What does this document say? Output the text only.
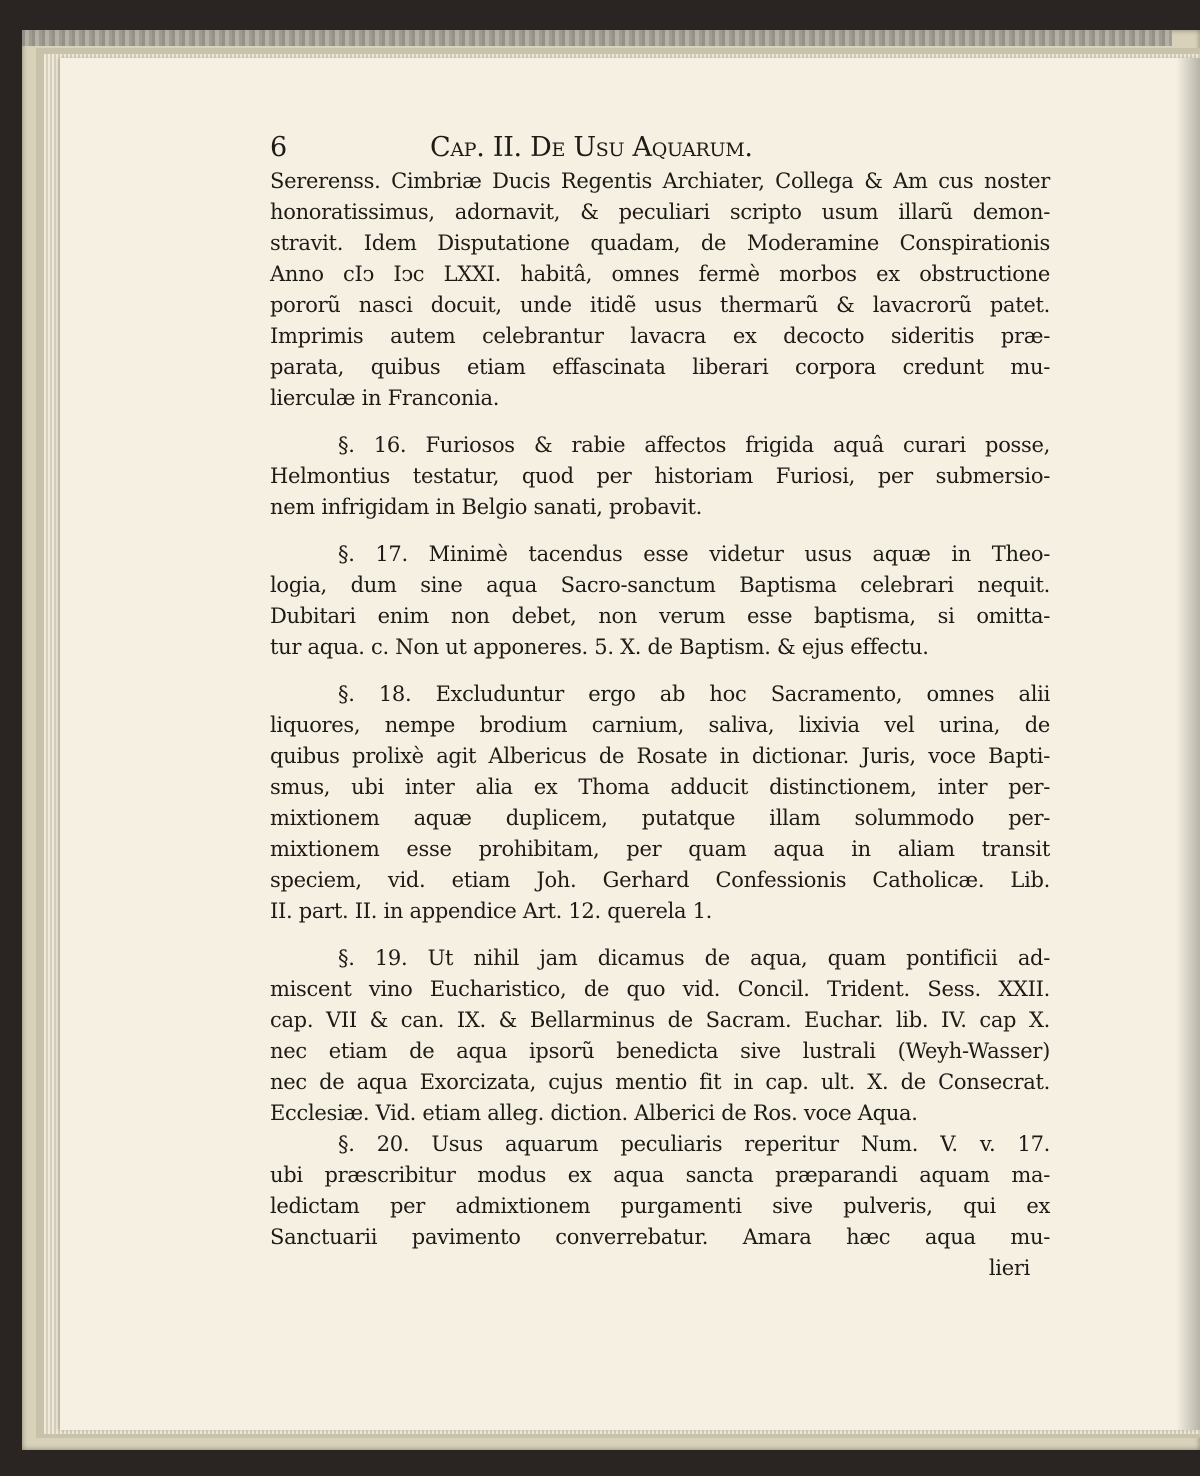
6	Cap. II. De Usu Aquarum.
Sererenss. Cimbriæ Ducis Regentis Archiater, Collega & Am cus noster
honoratissimus, adornavit, & peculiari scripto usum illarũ demon-
stravit. Idem Disputatione quadam, de Moderamine Conspirationis
Anno cIↄ Iↄc LXXI. habitâ, omnes fermè morbos ex obstructione
pororũ nasci docuit, unde itidẽ usus thermarũ & lavacrorũ patet.
Imprimis autem celebrantur lavacra ex decocto sideritis præ-
parata, quibus etiam effascinata liberari corpora credunt mu-
lierculæ in Franconia.
§. 16. Furiosos & rabie affectos frigida aquâ curari posse,
Helmontius testatur, quod per historiam Furiosi, per submersio-
nem infrigidam in Belgio sanati, probavit.
§. 17. Minimè tacendus esse videtur usus aquæ in Theo-
logia, dum sine aqua Sacro-sanctum Baptisma celebrari nequit.
Dubitari enim non debet, non verum esse baptisma, si omitta-
tur aqua. c. Non ut apponeres. 5. X. de Baptism. & ejus effectu.
§. 18. Excluduntur ergo ab hoc Sacramento, omnes alii
liquores, nempe brodium carnium, saliva, lixivia vel urina, de
quibus prolixè agit Albericus de Rosate in dictionar. Juris, voce Bapti-
smus, ubi inter alia ex Thoma adducit distinctionem, inter per-
mixtionem aquæ duplicem, putatque illam solummodo per-
mixtionem esse prohibitam, per quam aqua in aliam transit
speciem, vid. etiam Joh. Gerhard Confessionis Catholicæ. Lib.
II. part. II. in appendice Art. 12. querela 1.
§. 19. Ut nihil jam dicamus de aqua, quam pontificii ad-
miscent vino Eucharistico, de quo vid. Concil. Trident. Sess. XXII.
cap. VII & can. IX. & Bellarminus de Sacram. Euchar. lib. IV. cap X.
nec etiam de aqua ipsorũ benedicta sive lustrali (Weyh-Wasser)
nec de aqua Exorcizata, cujus mentio fit in cap. ult. X. de Consecrat.
Ecclesiæ. Vid. etiam alleg. diction. Alberici de Ros. voce Aqua.
§. 20. Usus aquarum peculiaris reperitur Num. V. v. 17.
ubi præscribitur modus ex aqua sancta præparandi aquam ma-
ledictam per admixtionem purgamenti sive pulveris, qui ex
Sanctuarii pavimento converrebatur. Amara hæc aqua mu-
lieri
